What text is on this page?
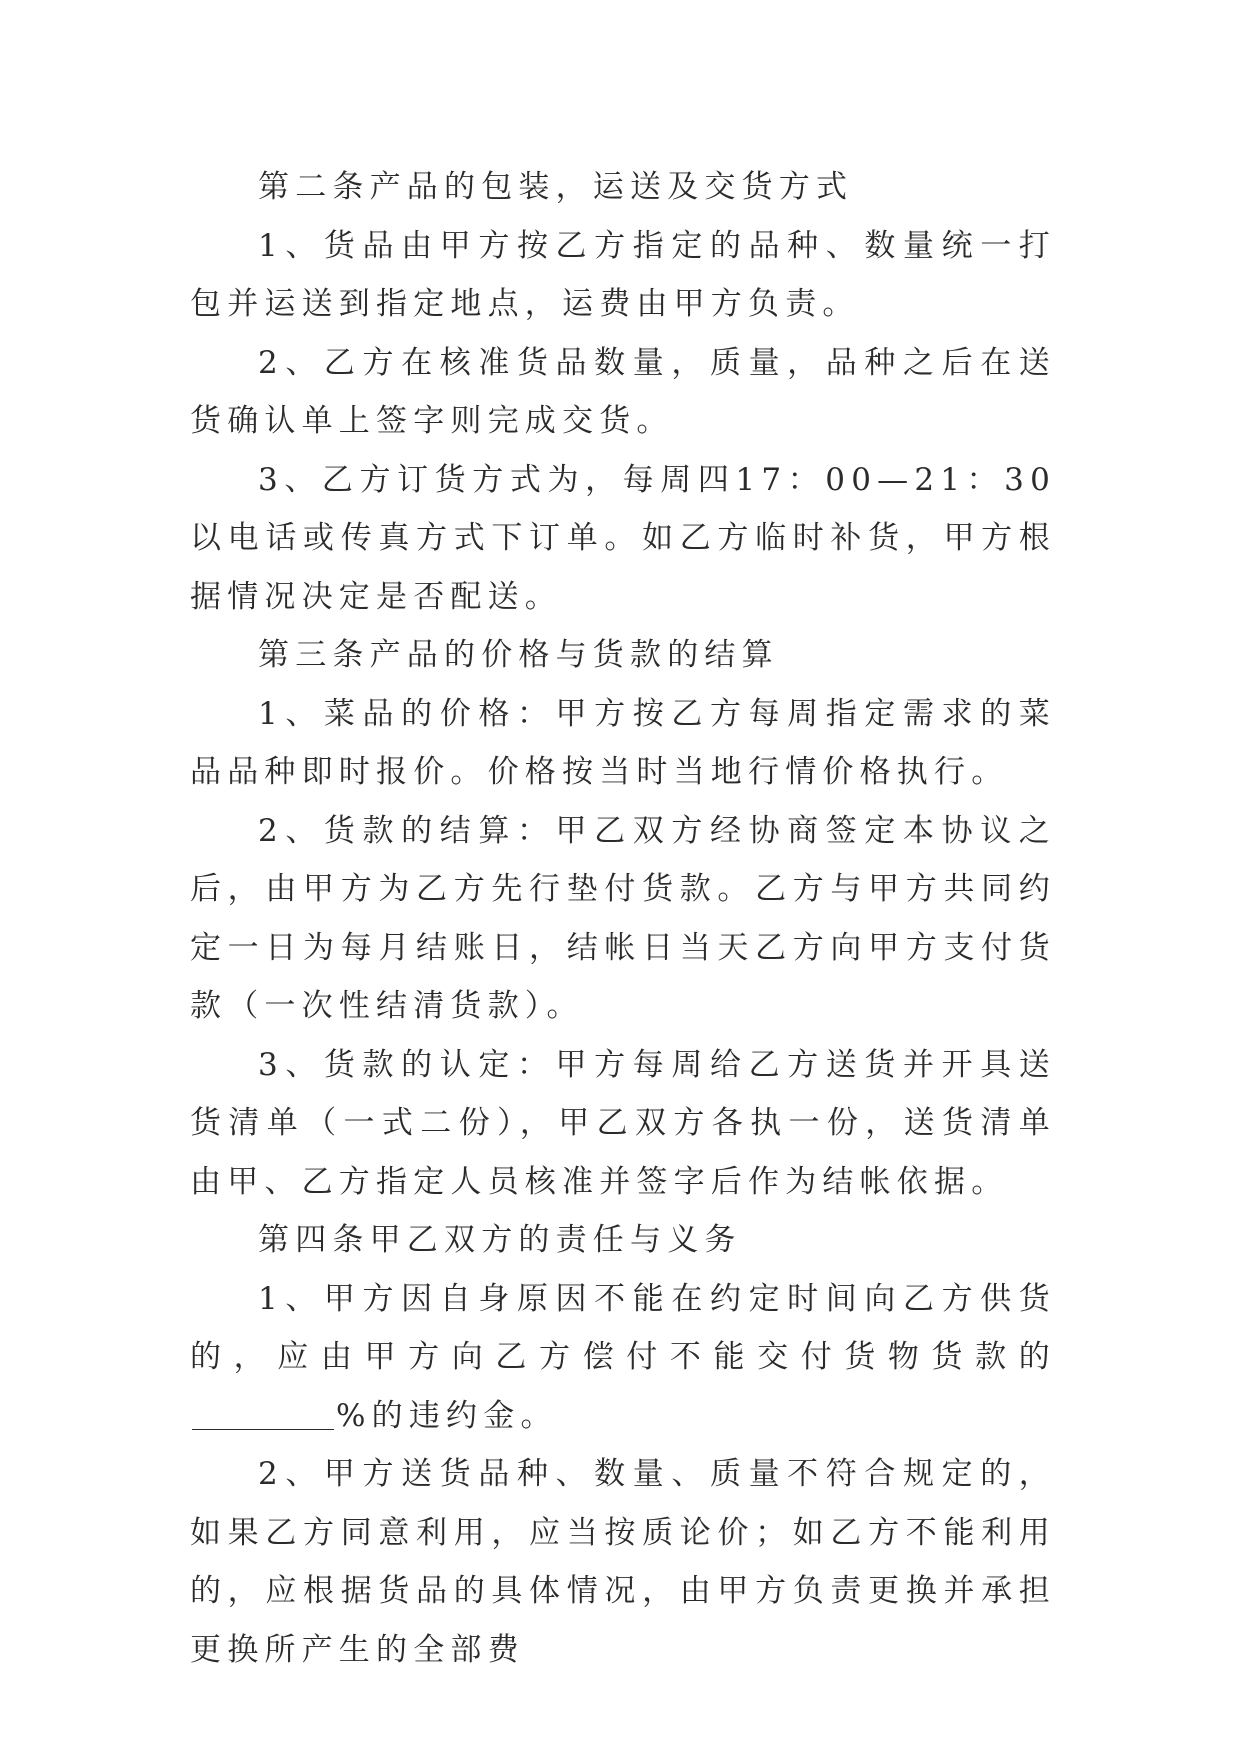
第二条产品的包装，运送及交货方式

1、货品由甲方按乙方指定的品种、数量统一打包并运送到指定地点，运费由甲方负责。

2、乙方在核准货品数量，质量，品种之后在送货确认单上签字则完成交货。

3、乙方订货方式为，每周四17：00—21：30以电话或传真方式下订单。如乙方临时补货，甲方根据情况决定是否配送。

第三条产品的价格与货款的结算

1、菜品的价格：甲方按乙方每周指定需求的菜品品种即时报价。价格按当时当地行情价格执行。

2、货款的结算：甲乙双方经协商签定本协议之后，由甲方为乙方先行垫付货款。乙方与甲方共同约定一日为每月结账日，结帐日当天乙方向甲方支付货款（一次性结清货款）。

3、货款的认定：甲方每周给乙方送货并开具送货清单（一式二份），甲乙双方各执一份，送货清单由甲、乙方指定人员核准并签字后作为结帐依据。

第四条甲乙双方的责任与义务

1、甲方因自身原因不能在约定时间向乙方供货的，应由甲方向乙方偿付不能交付货物货款的%的违约金。

2、甲方送货品种、数量、质量不符合规定的，如果乙方同意利用，应当按质论价；如乙方不能利用的，应根据货品的具体情况，由甲方负责更换并承担更换所产生的全部费
